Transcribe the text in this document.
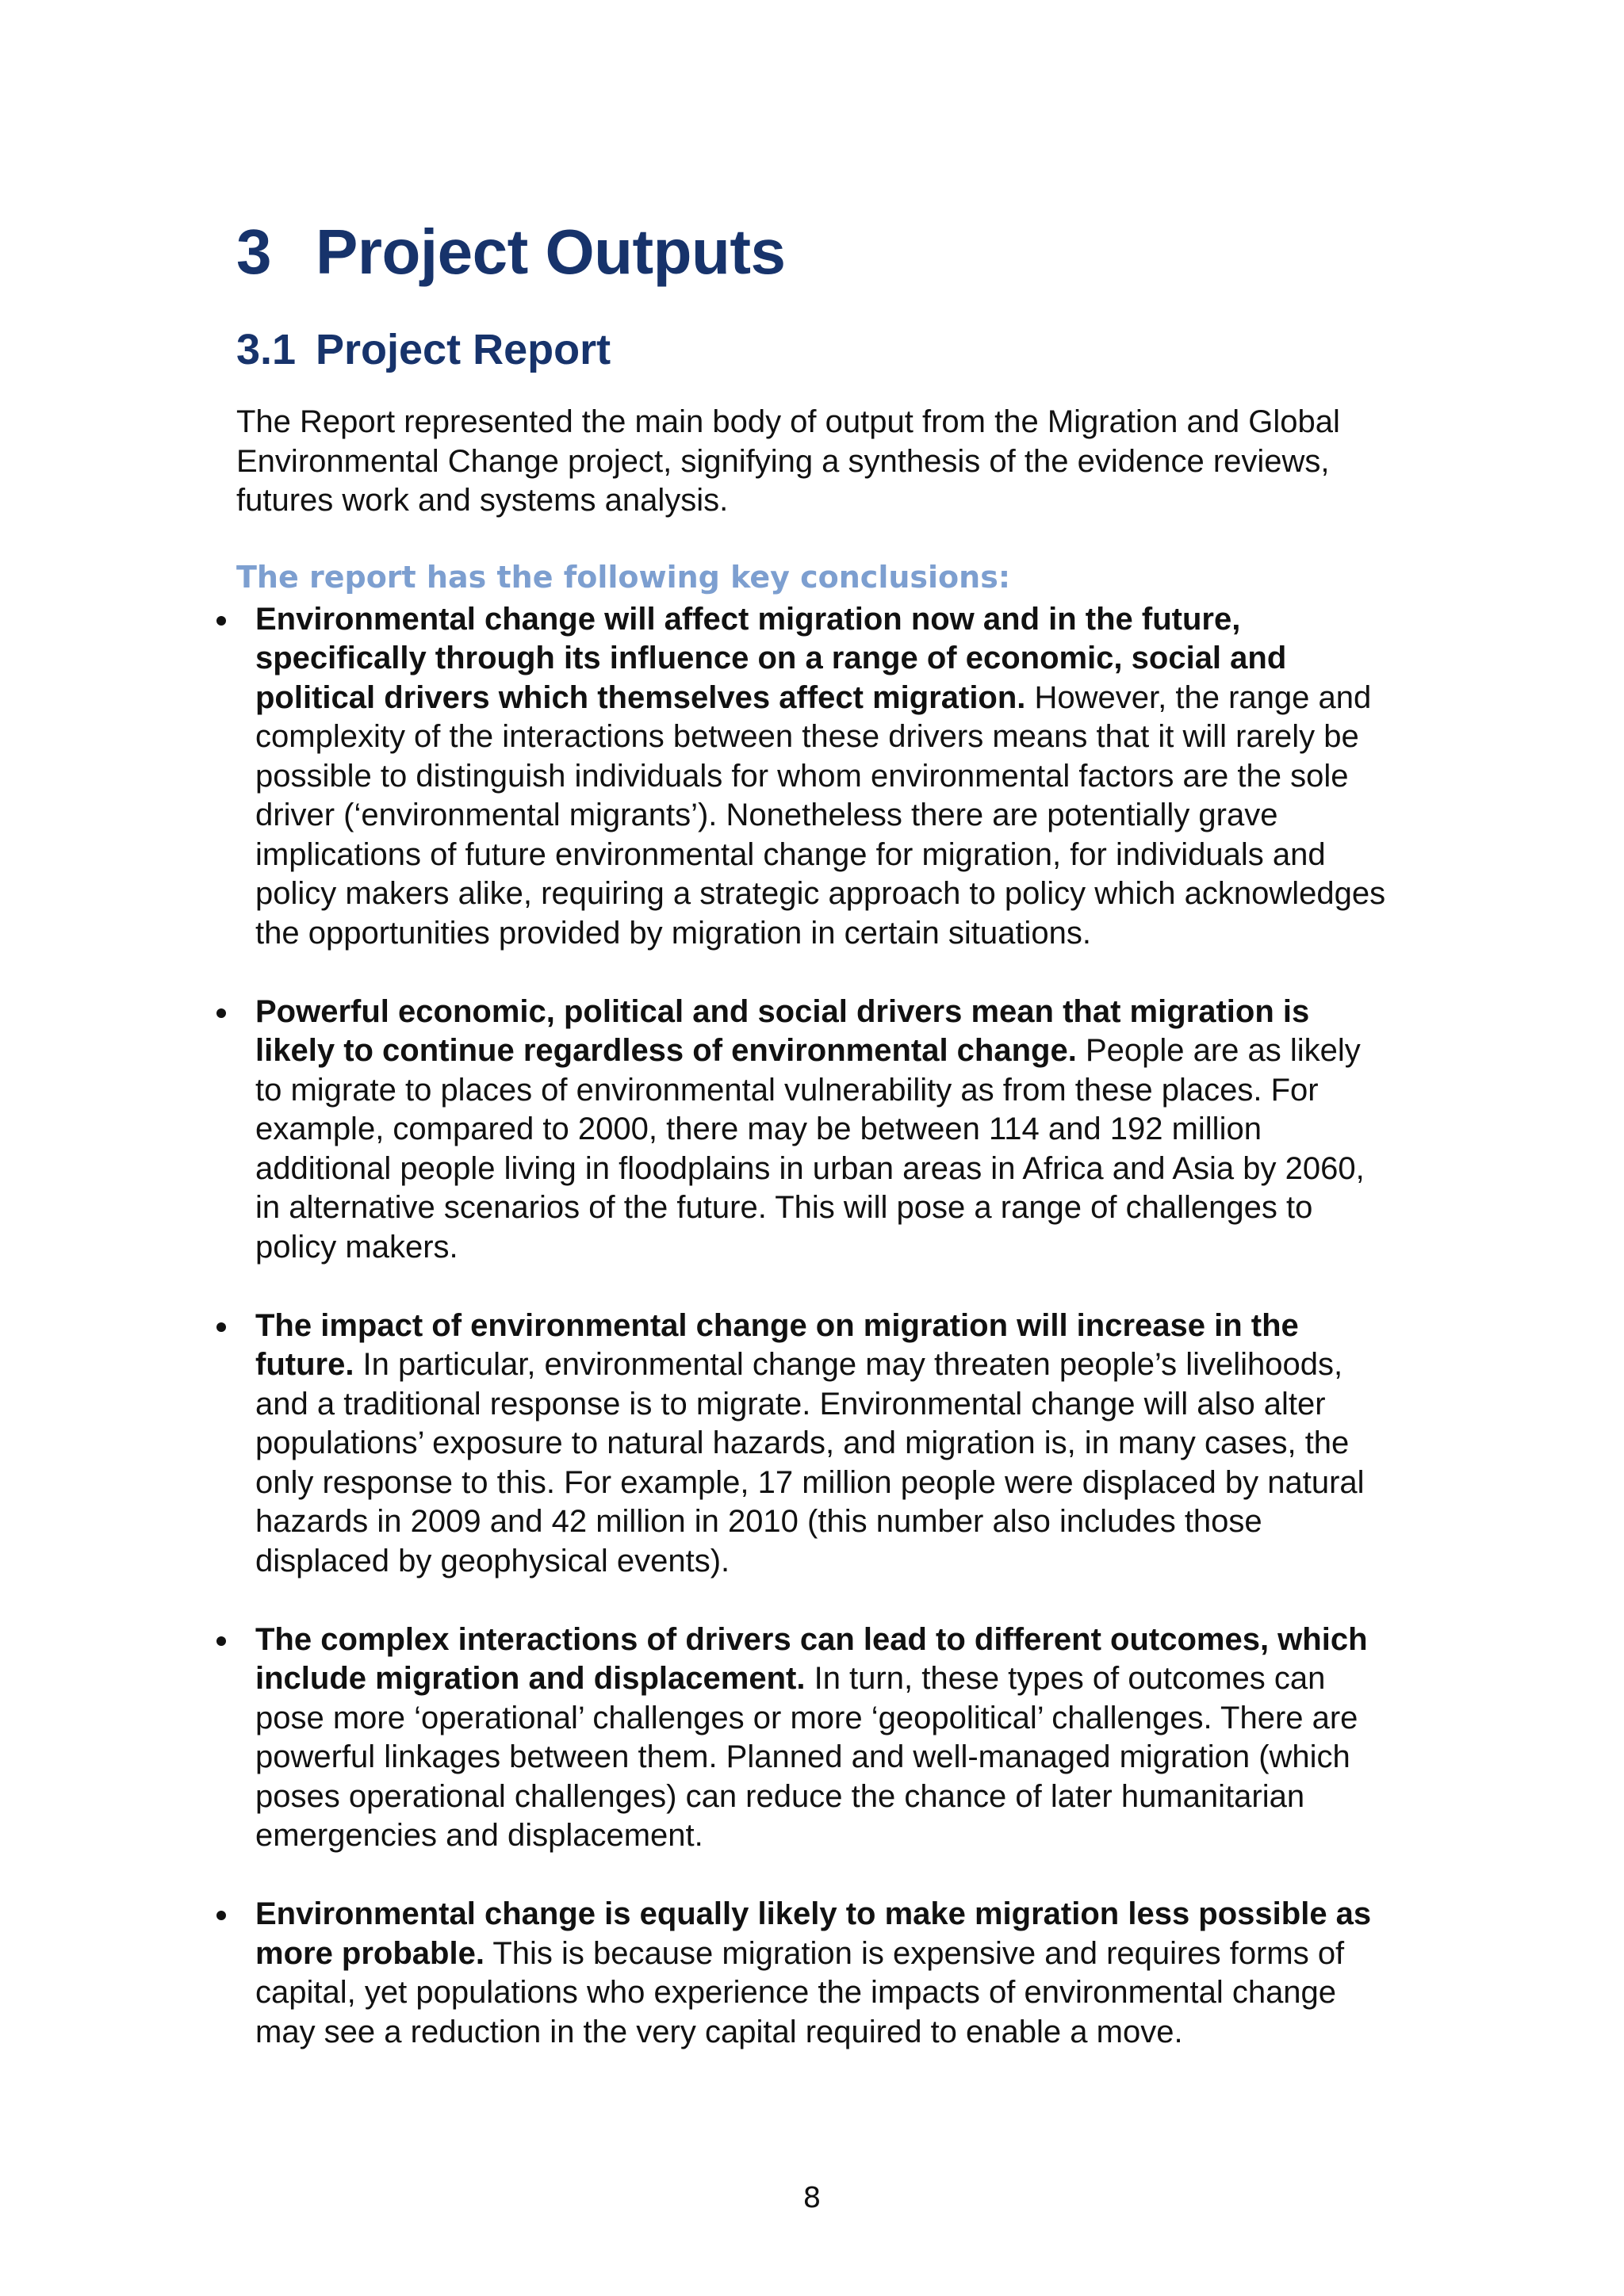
3 Project Outputs
3.1 Project Report

The Report represented the main body of output from the Migration and Global Environmental Change project, signifying a synthesis of the evidence reviews, futures work and systems analysis.

The report has the following key conclusions:
Environmental change will affect migration now and in the future, specifically through its influence on a range of economic, social and political drivers which themselves affect migration. However, the range and complexity of the interactions between these drivers means that it will rarely be possible to distinguish individuals for whom environmental factors are the sole driver (‘environmental migrants’). Nonetheless there are potentially grave implications of future environmental change for migration, for individuals and policy makers alike, requiring a strategic approach to policy which acknowledges the opportunities provided by migration in certain situations.
Powerful economic, political and social drivers mean that migration is likely to continue regardless of environmental change. People are as likely to migrate to places of environmental vulnerability as from these places. For example, compared to 2000, there may be between 114 and 192 million additional people living in floodplains in urban areas in Africa and Asia by 2060, in alternative scenarios of the future. This will pose a range of challenges to policy makers.
The impact of environmental change on migration will increase in the future. In particular, environmental change may threaten people’s livelihoods, and a traditional response is to migrate. Environmental change will also alter populations’ exposure to natural hazards, and migration is, in many cases, the only response to this. For example, 17 million people were displaced by natural hazards in 2009 and 42 million in 2010 (this number also includes those displaced by geophysical events).
The complex interactions of drivers can lead to different outcomes, which include migration and displacement. In turn, these types of outcomes can pose more ‘operational’ challenges or more ‘geopolitical’ challenges. There are powerful linkages between them. Planned and well-managed migration (which poses operational challenges) can reduce the chance of later humanitarian emergencies and displacement.
Environmental change is equally likely to make migration less possible as more probable. This is because migration is expensive and requires forms of capital, yet populations who experience the impacts of environmental change may see a reduction in the very capital required to enable a move.
8
